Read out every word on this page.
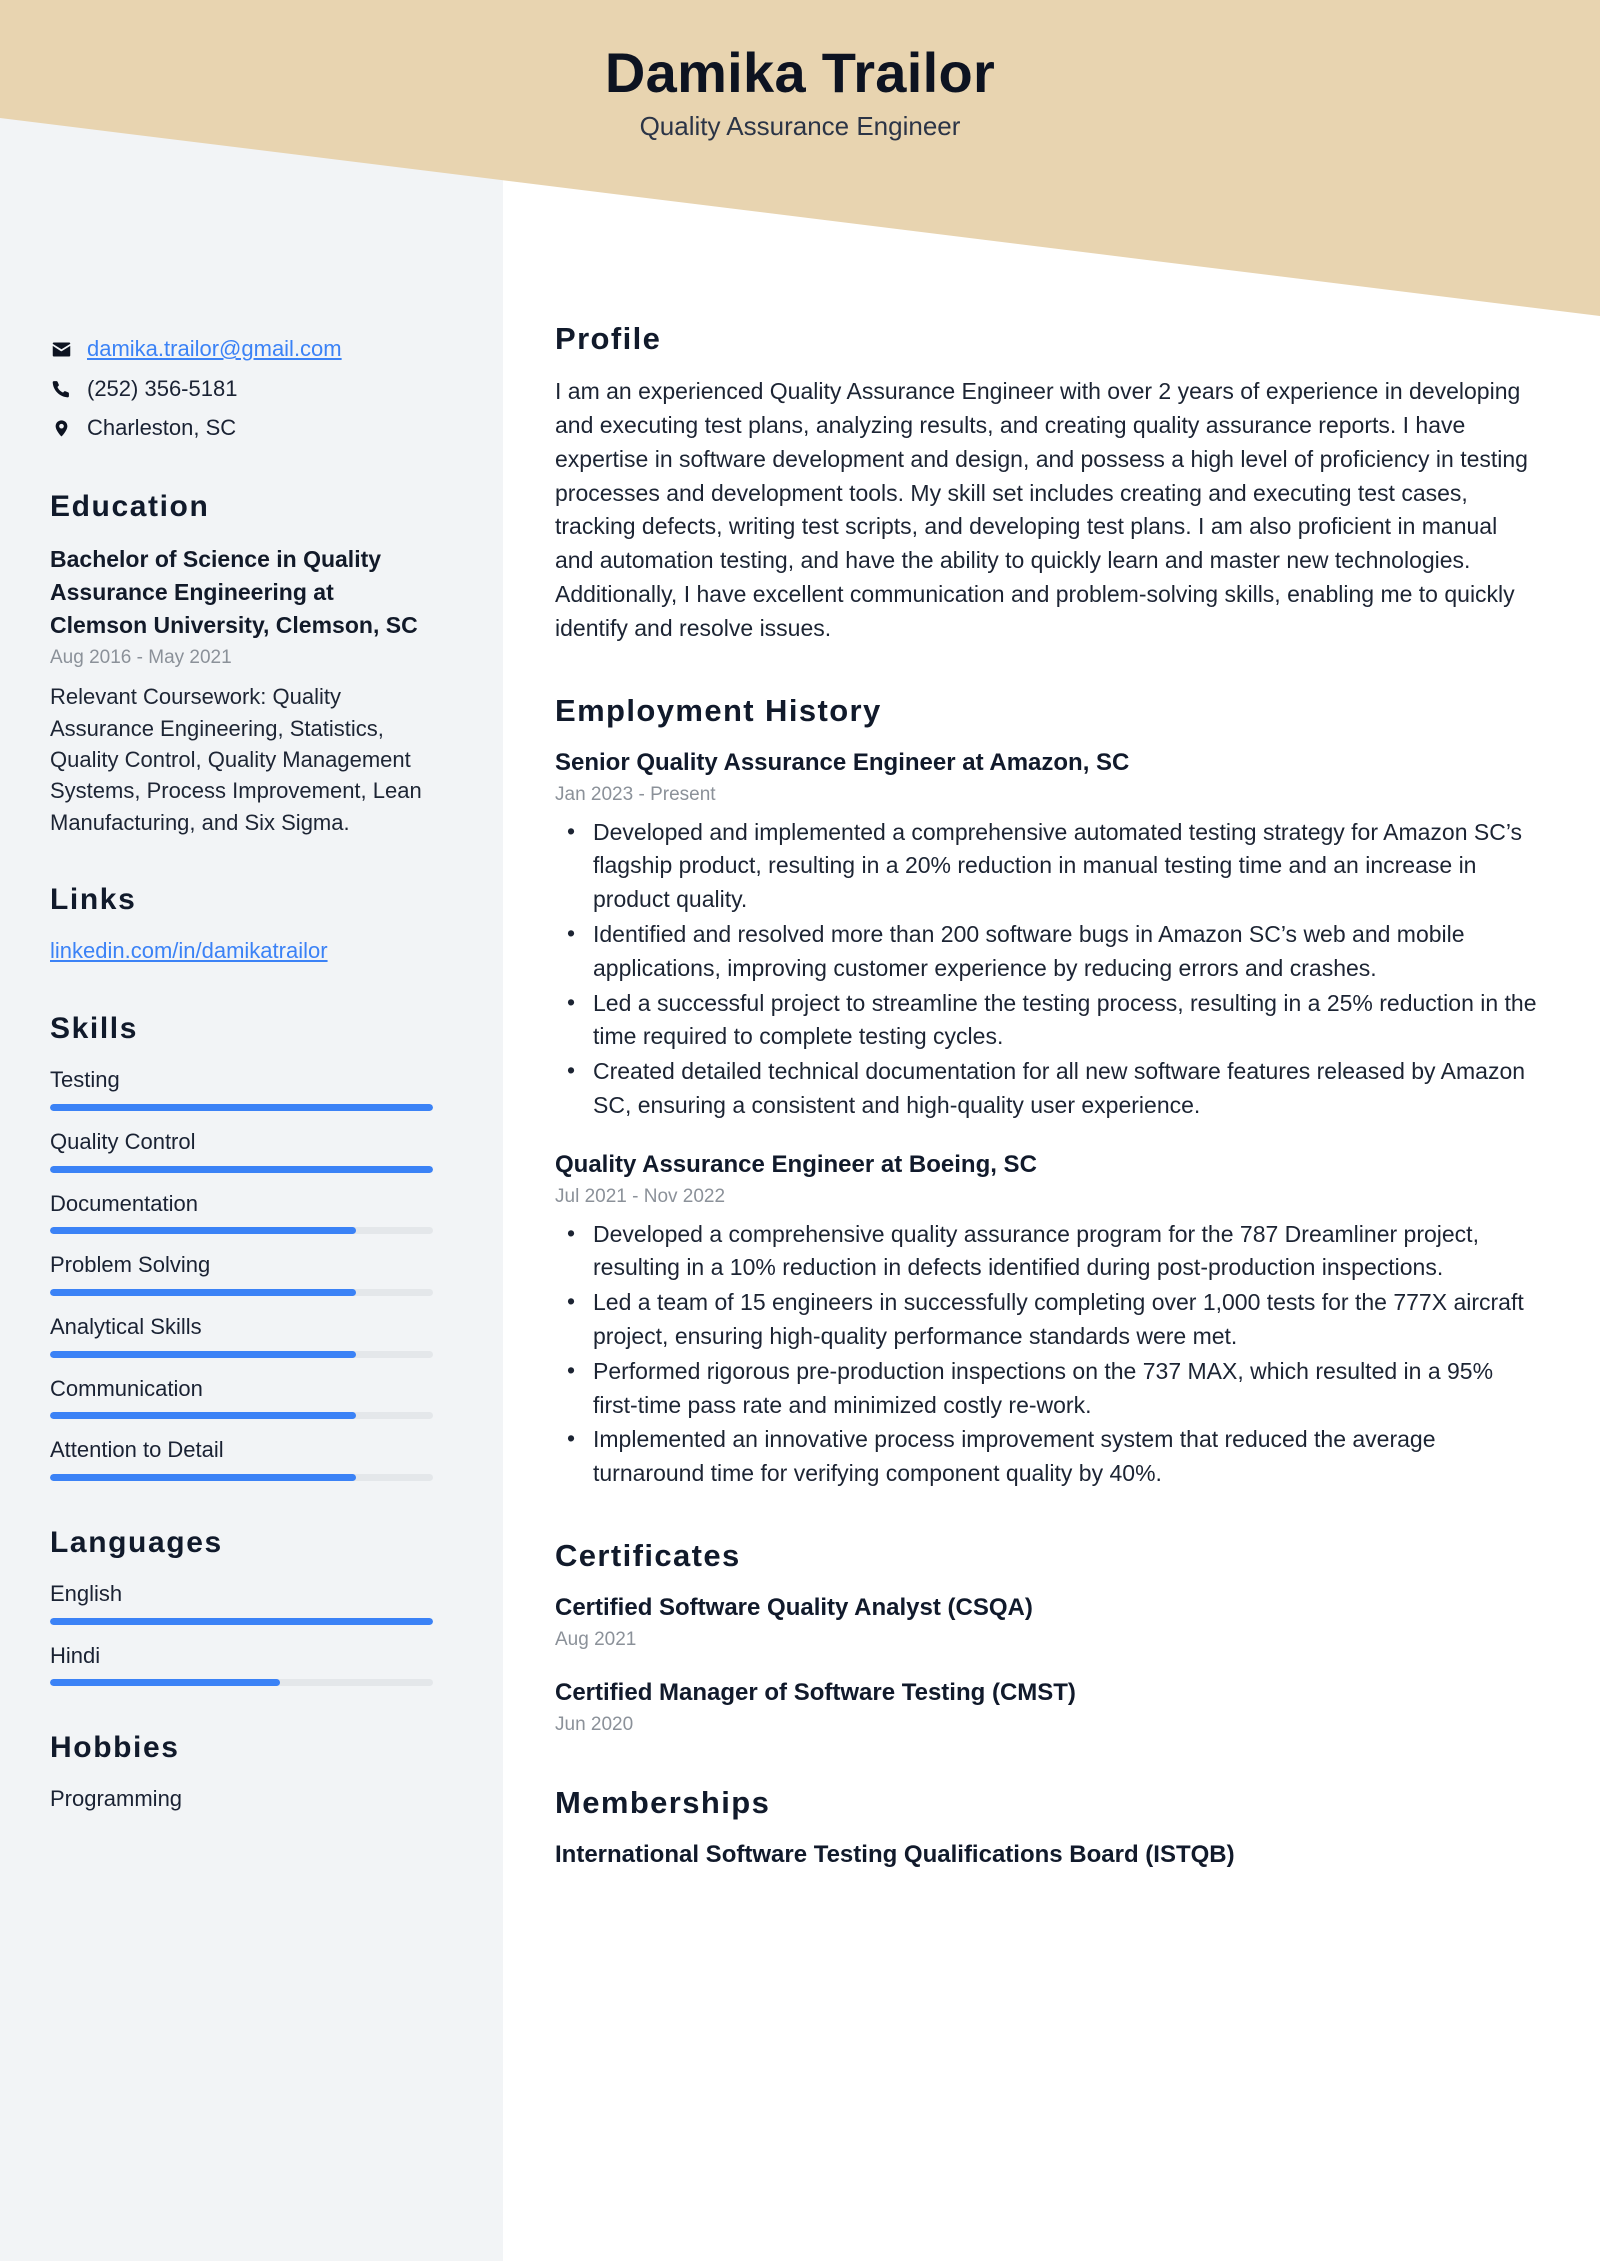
Damika Trailor

Quality Assurance Engineer

damika.trailor@gmail.com
(252) 356-5181
Charleston, SC
Education

Bachelor of Science in Quality Assurance Engineering at Clemson University, Clemson, SC

Aug 2016 - May 2021

Relevant Coursework: Quality Assurance Engineering, Statistics, Quality Control, Quality Management Systems, Process Improvement, Lean Manufacturing, and Six Sigma.

Links
linkedin.com/in/damikatrailor
Skills
Testing
Quality Control
Documentation
Problem Solving
Analytical Skills
Communication
Attention to Detail
Languages
English
Hindi
Hobbies
Programming
Profile

I am an experienced Quality Assurance Engineer with over 2 years of experience in developing and executing test plans, analyzing results, and creating quality assurance reports. I have expertise in software development and design, and possess a high level of proficiency in testing processes and development tools. My skill set includes creating and executing test cases, tracking defects, writing test scripts, and developing test plans. I am also proficient in manual and automation testing, and have the ability to quickly learn and master new technologies. Additionally, I have excellent communication and problem-solving skills, enabling me to quickly identify and resolve issues.

Employment History

Senior Quality Assurance Engineer at Amazon, SC

Jan 2023 - Present

• Developed and implemented a comprehensive automated testing strategy for Amazon SC’s flagship product, resulting in a 20% reduction in manual testing time and an increase in product quality.
• Identified and resolved more than 200 software bugs in Amazon SC’s web and mobile applications, improving customer experience by reducing errors and crashes.
• Led a successful project to streamline the testing process, resulting in a 25% reduction in the time required to complete testing cycles.
• Created detailed technical documentation for all new software features released by Amazon SC, ensuring a consistent and high-quality user experience.

Quality Assurance Engineer at Boeing, SC

Jul 2021 - Nov 2022

• Developed a comprehensive quality assurance program for the 787 Dreamliner project, resulting in a 10% reduction in defects identified during post-production inspections.
• Led a team of 15 engineers in successfully completing over 1,000 tests for the 777X aircraft project, ensuring high-quality performance standards were met.
• Performed rigorous pre-production inspections on the 737 MAX, which resulted in a 95% first-time pass rate and minimized costly re-work.
• Implemented an innovative process improvement system that reduced the average turnaround time for verifying component quality by 40%.
Certificates

Certified Software Quality Analyst (CSQA)

Aug 2021

Certified Manager of Software Testing (CMST)

Jun 2020

Memberships

International Software Testing Qualifications Board (ISTQB)
